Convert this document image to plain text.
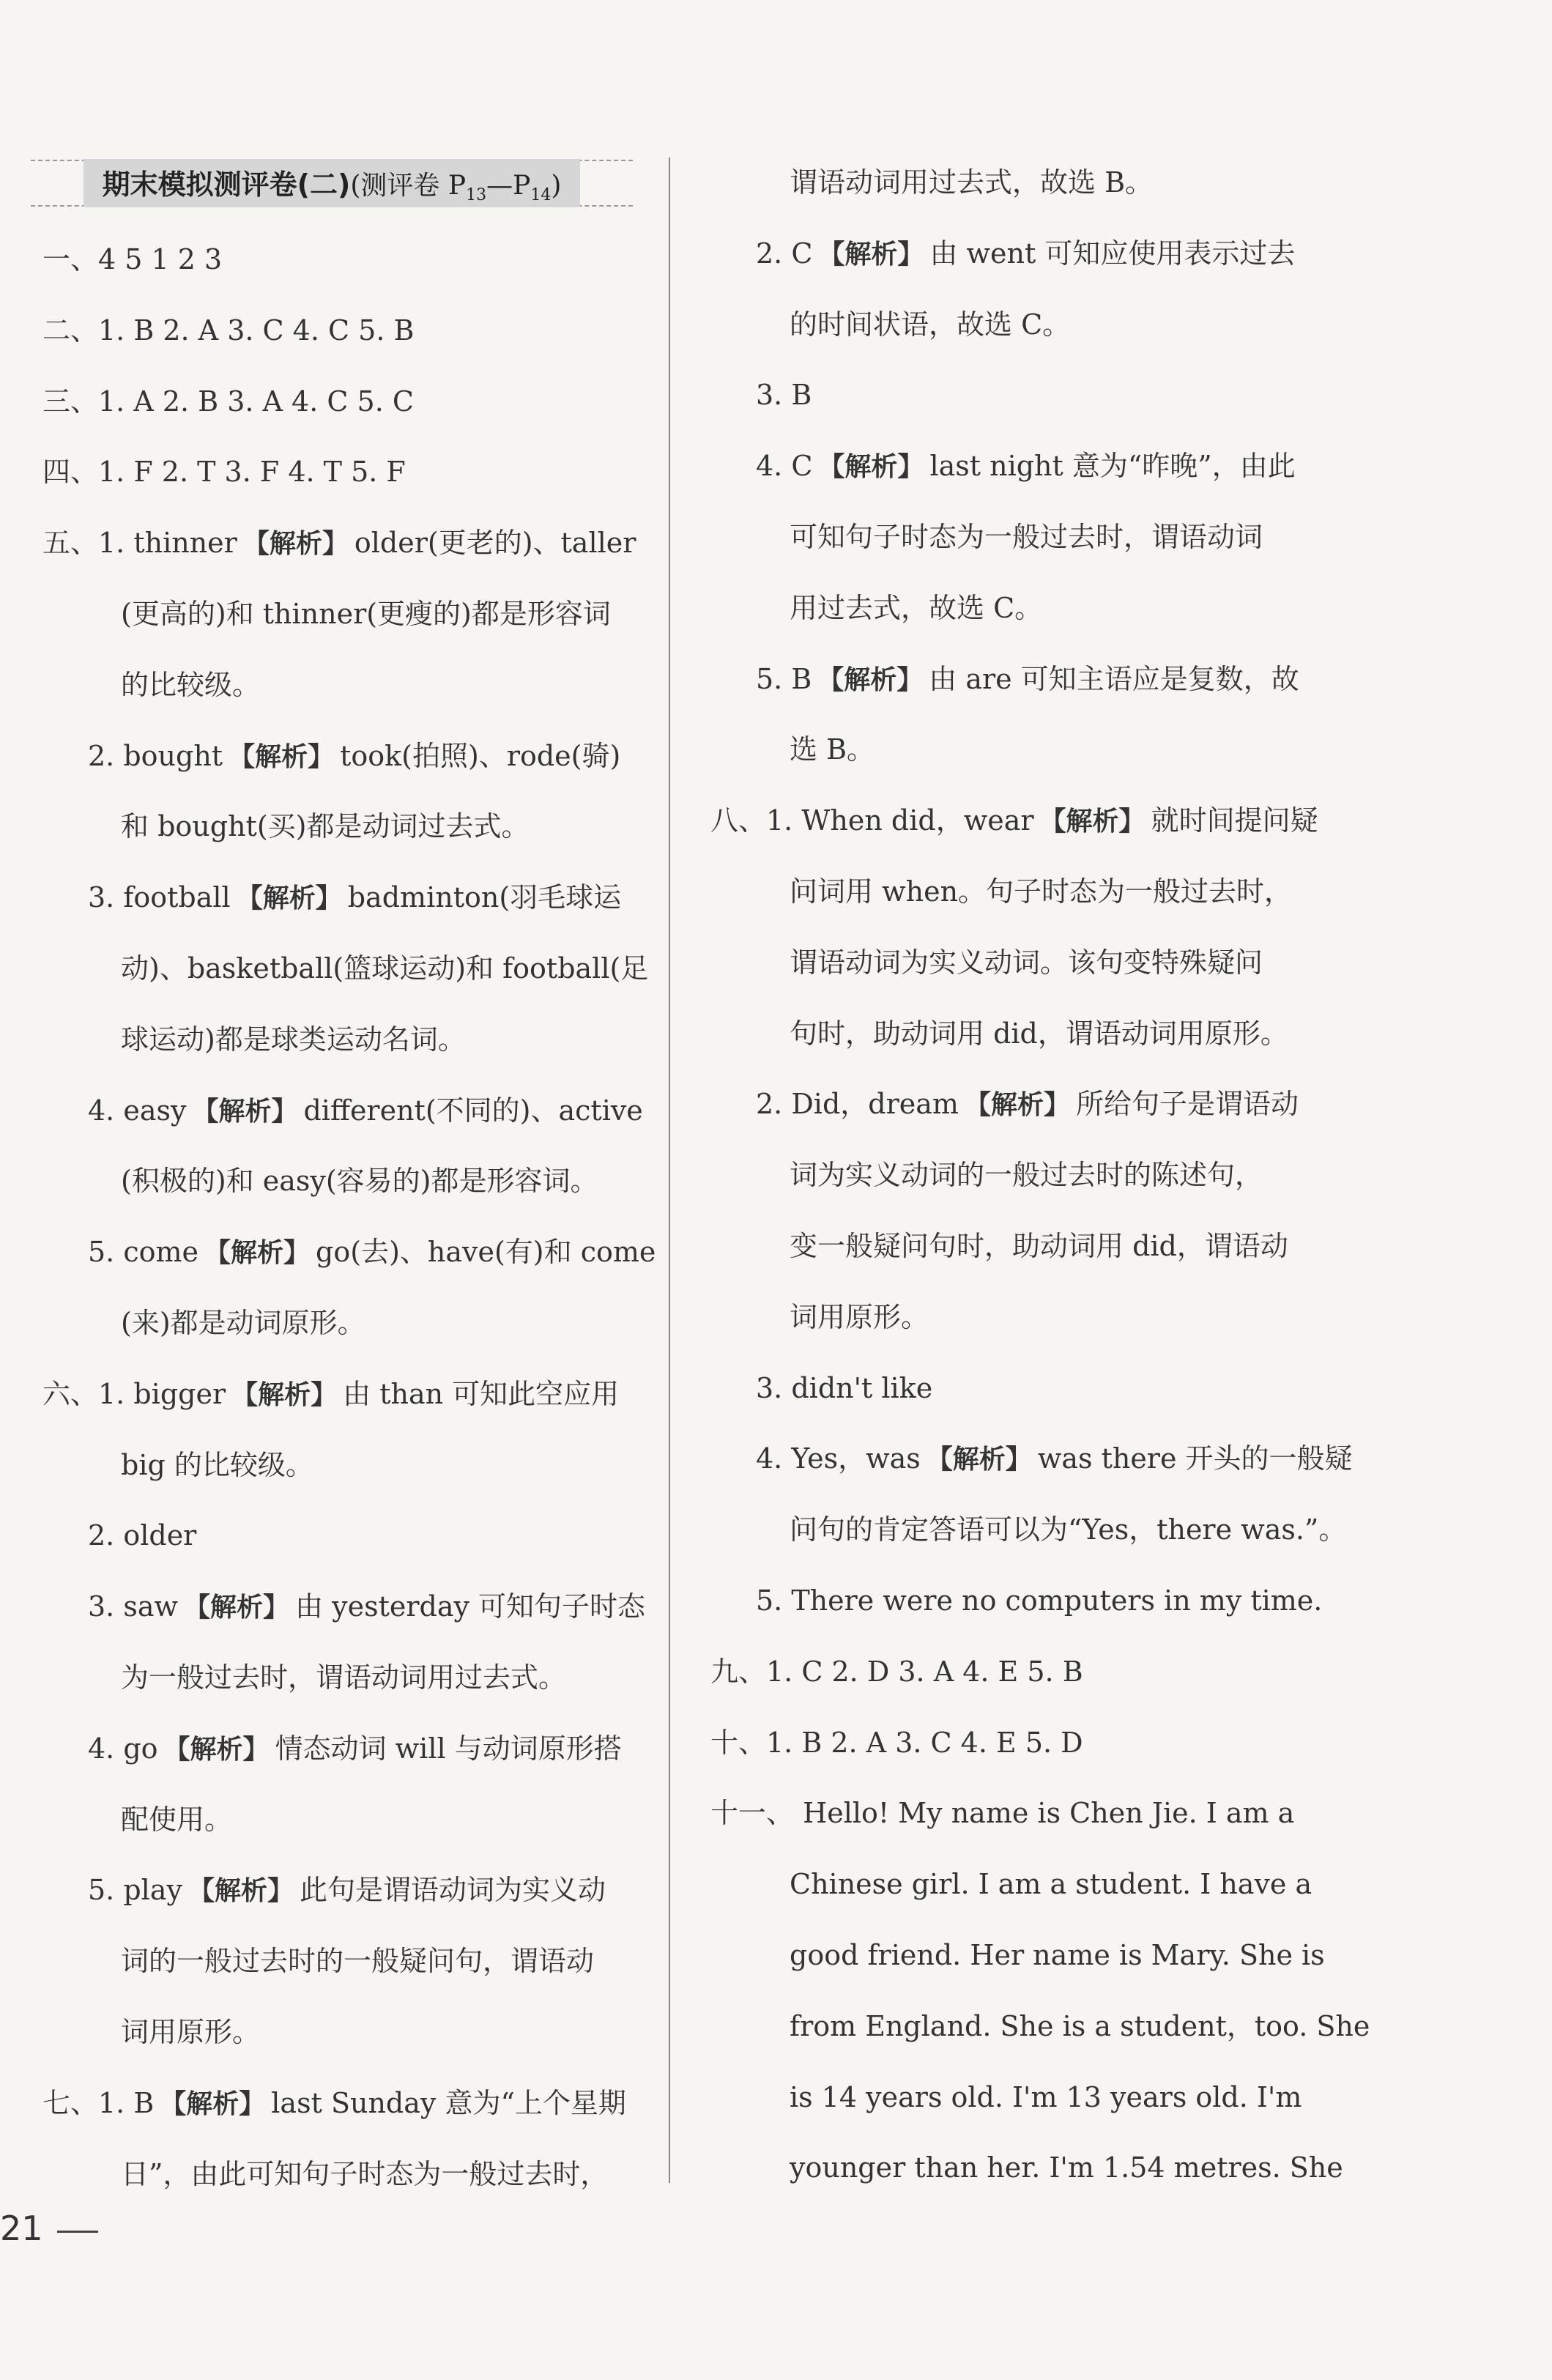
期末模拟测评卷(二) (测评卷 $P_{13}—P_{14}$)
一、4 5 1 2 3
二、1. B 2. A 3. C 4. C 5. B
三、1. A 2. B 3. A 4. C 5. C
四、1. F 2. T 3. F 4. T 5. F
五、1. thinner 【解析】 older(更老的)、taller
(更高的)和 thinner(更瘦的)都是形容词
的比较级。
2. bought 【解析】 took(拍照)、rode(骑)
和 bought(买)都是动词过去式。
3. football 【解析】 badminton(羽毛球运
动)、basketball(篮球运动)和 football(足
球运动)都是球类运动名词。
4. easy 【解析】 different(不同的)、active
(积极的)和 easy(容易的)都是形容词。
5. come 【解析】 go(去)、have(有)和 come
(来)都是动词原形。
六、1. bigger 【解析】 由 than 可知此空应用
big 的比较级。
2. older
3. saw 【解析】 由 yesterday 可知句子时态
为一般过去时，谓语动词用过去式。
4. go 【解析】 情态动词 will 与动词原形搭
配使用。
5. play 【解析】 此句是谓语动词为实义动
词的一般过去时的一般疑问句，谓语动
词用原形。
七、1. B 【解析】 last Sunday 意为“上个星期
日”，由此可知句子时态为一般过去时，
谓语动词用过去式，故选 B。
2. C 【解析】 由 went 可知应使用表示过去
的时间状语，故选 C。
3. B
4. C 【解析】 last night 意为“昨晚”，由此
可知句子时态为一般过去时，谓语动词
用过去式，故选 C。
5. B 【解析】 由 are 可知主语应是复数，故
选 B。
八、1. When did，wear 【解析】 就时间提问疑
问词用 when。句子时态为一般过去时，
谓语动词为实义动词。该句变特殊疑问
句时，助动词用 did，谓语动词用原形。
2. Did，dream 【解析】 所给句子是谓语动
词为实义动词的一般过去时的陈述句，
变一般疑问句时，助动词用 did，谓语动
词用原形。
3. didn't like
4. Yes，was 【解析】 was there 开头的一般疑
问句的肯定答语可以为“Yes，there was.”。
5. There were no computers in my time.
九、1. C 2. D 3. A 4. E 5. B
十、1. B 2. A 3. C 4. E 5. D
十一、 Hello! My name is Chen Jie. I am a
Chinese girl. I am a student. I have a
good friend. Her name is Mary. She is
from England. She is a student，too. She
is 14 years old. I'm 13 years old. I'm
younger than her. I'm 1.54 metres. She
21
